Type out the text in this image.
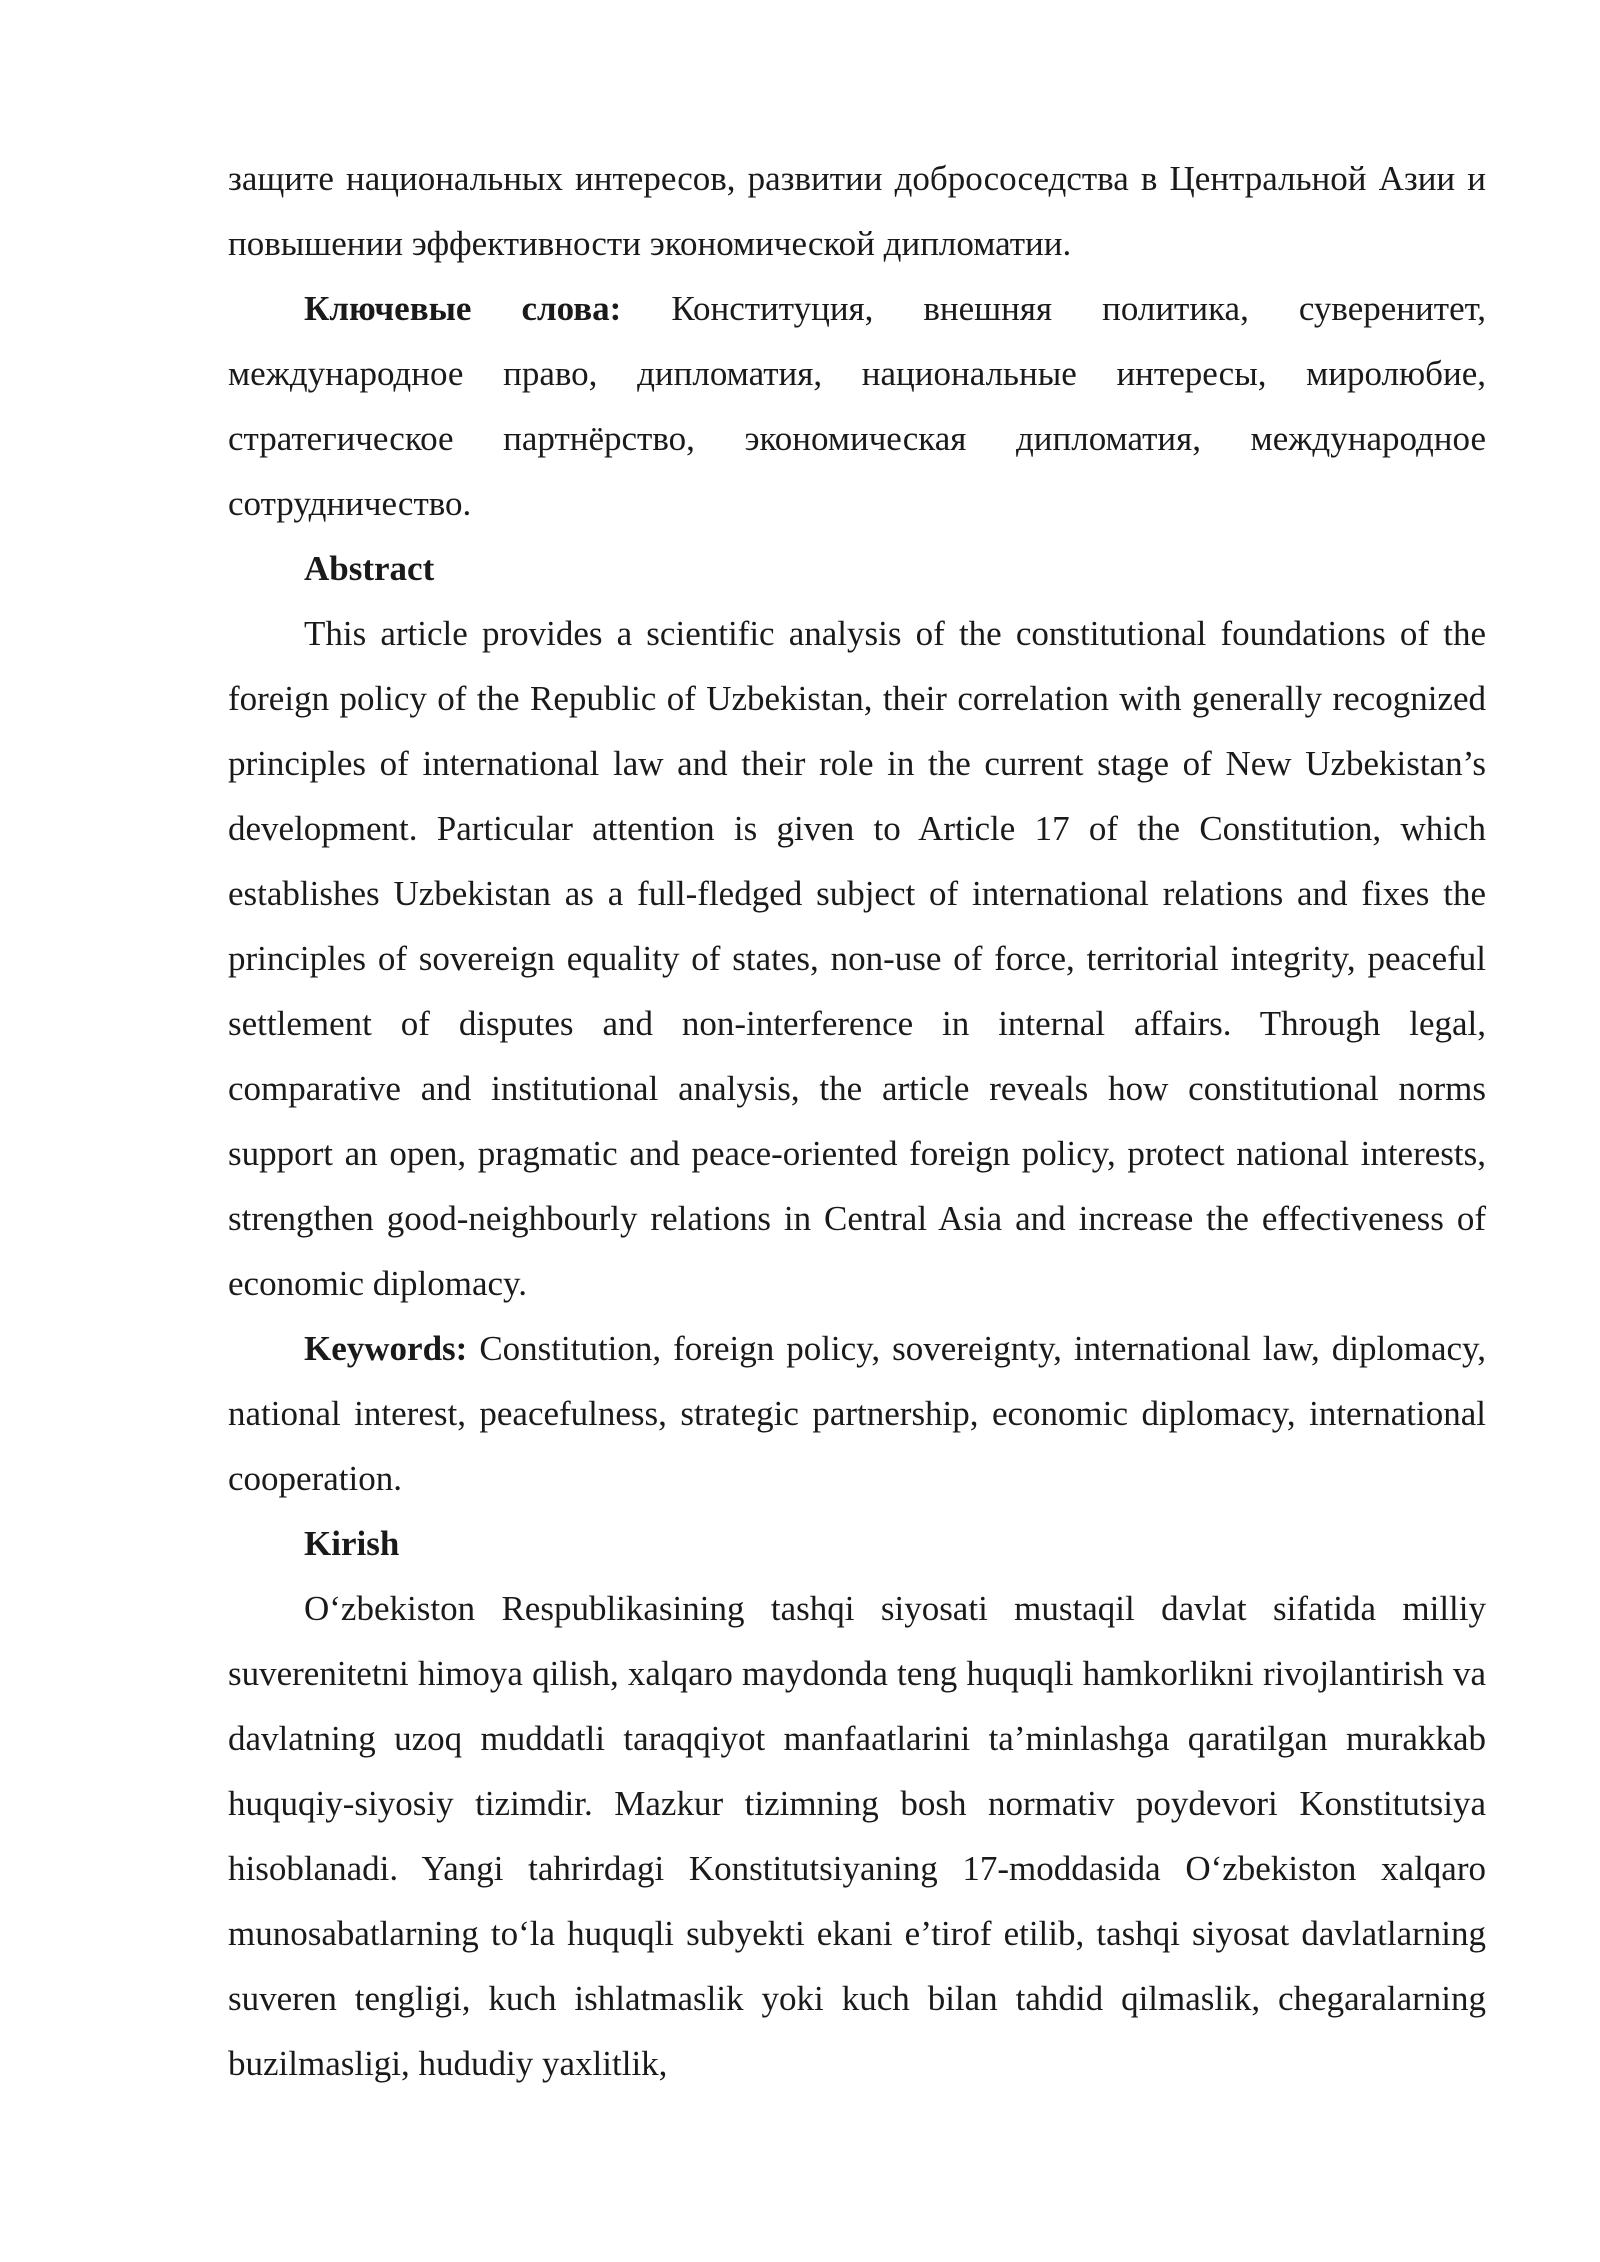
защите национальных интересов, развитии добрососедства в Центральной Азии и повышении эффективности экономической дипломатии.

Ключевые слова: Конституция, внешняя политика, суверенитет, международное право, дипломатия, национальные интересы, миролюбие, стратегическое партнёрство, экономическая дипломатия, международное сотрудничество.

Abstract

This article provides a scientific analysis of the constitutional foundations of the foreign policy of the Republic of Uzbekistan, their correlation with generally recognized principles of international law and their role in the current stage of New Uzbekistan’s development. Particular attention is given to Article 17 of the Constitution, which establishes Uzbekistan as a full-fledged subject of international relations and fixes the principles of sovereign equality of states, non-use of force, territorial integrity, peaceful settlement of disputes and non-interference in internal affairs. Through legal, comparative and institutional analysis, the article reveals how constitutional norms support an open, pragmatic and peace-oriented foreign policy, protect national interests, strengthen good-neighbourly relations in Central Asia and increase the effectiveness of economic diplomacy.

Keywords: Constitution, foreign policy, sovereignty, international law, diplomacy, national interest, peacefulness, strategic partnership, economic diplomacy, international cooperation.

Kirish

O‘zbekiston Respublikasining tashqi siyosati mustaqil davlat sifatida milliy suverenitetni himoya qilish, xalqaro maydonda teng huquqli hamkorlikni rivojlantirish va davlatning uzoq muddatli taraqqiyot manfaatlarini ta’minlashga qaratilgan murakkab huquqiy-siyosiy tizimdir. Mazkur tizimning bosh normativ poydevori Konstitutsiya hisoblanadi. Yangi tahrirdagi Konstitutsiyaning 17-moddasida O‘zbekiston xalqaro munosabatlarning to‘la huquqli subyekti ekani e’tirof etilib, tashqi siyosat davlatlarning suveren tengligi, kuch ishlatmaslik yoki kuch bilan tahdid qilmaslik, chegaralarning buzilmasligi, hududiy yaxlitlik,
